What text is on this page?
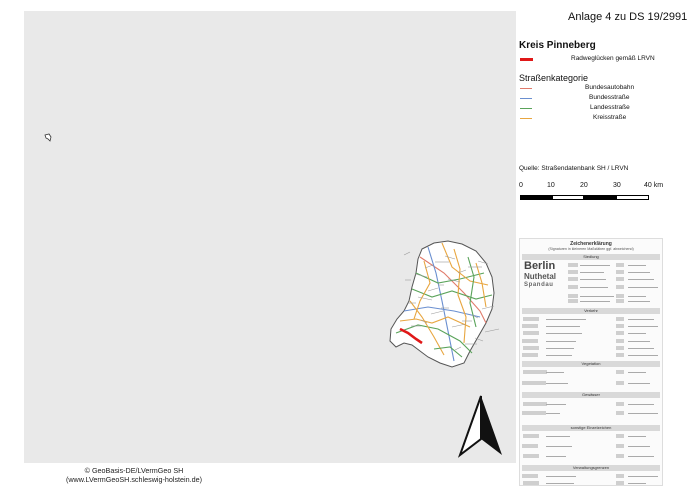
© GeoBasis-DE/LVermGeo SH
(www.LVermGeoSH.schleswig-holstein.de)
Anlage 4 zu DS 19/2991
Kreis Pinneberg
Radweglücken gemäß LRVN
Straßenkategorie
Bundesautobahn
Bundesstraße
Landesstraße
Kreisstraße
Quelle: Straßendatenbank SH / LRVN
0	10	20	30	40 km
Zeichenerklärung
(Signaturen in kleineren Maßstäben ggf. abweichend)
Siedlung
Berlin
Nuthetal
Spandau
Verkehr
Vegetation
Gewässer
sonstige Einzelzeichen
Verwaltungsgrenzen
